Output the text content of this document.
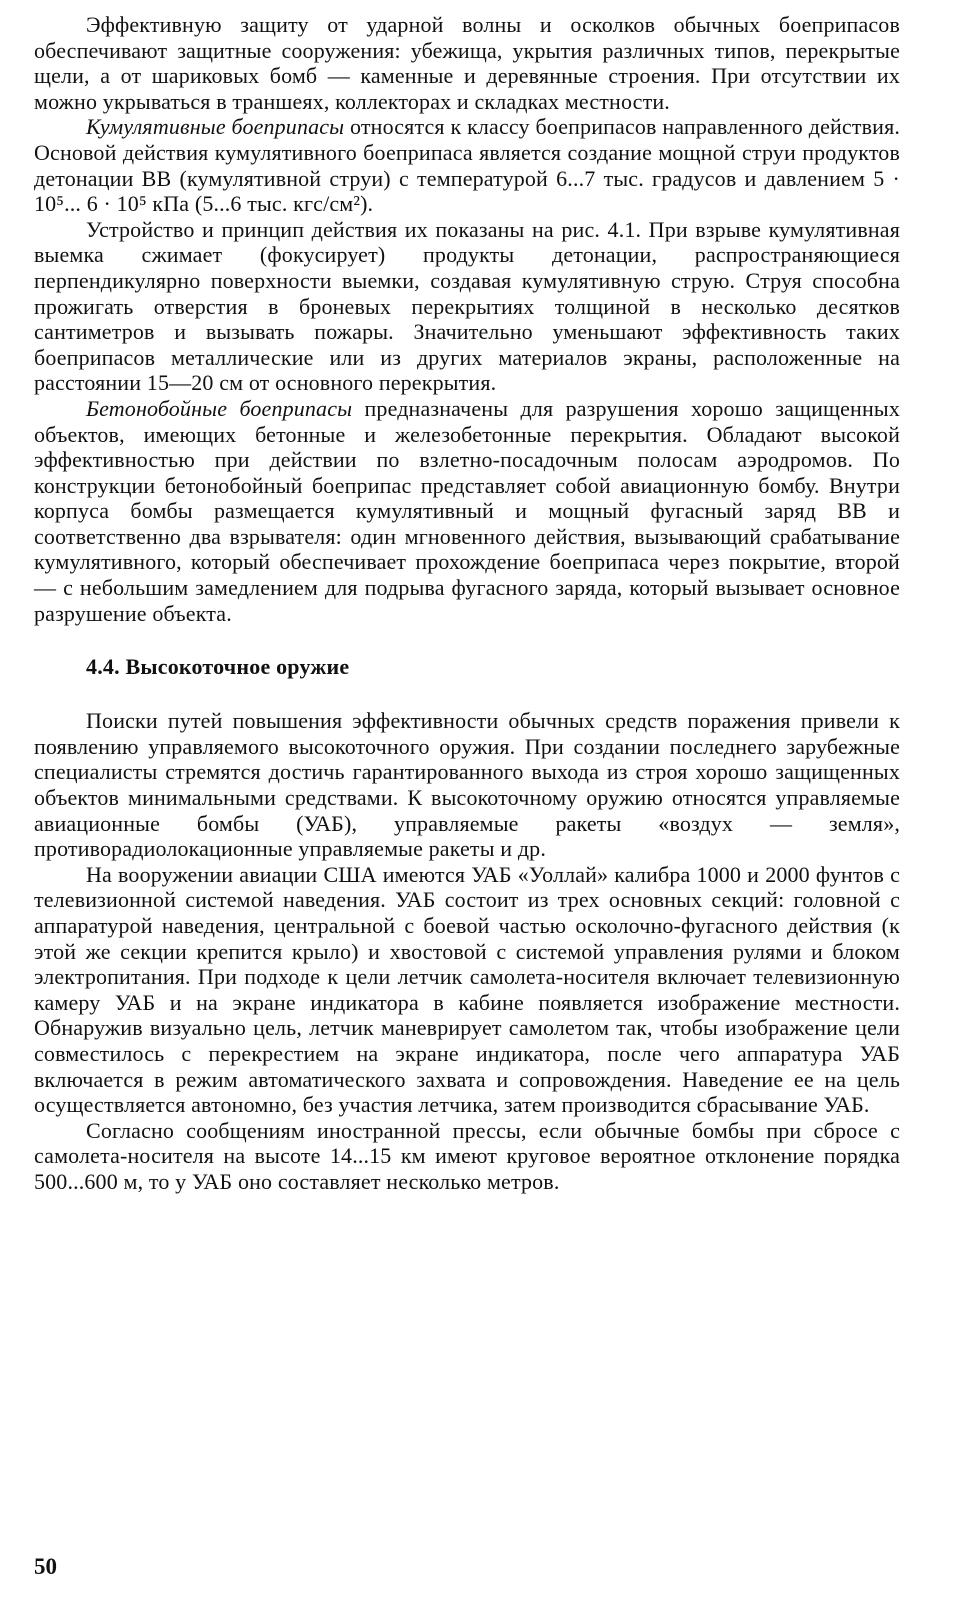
Эффективную защиту от ударной волны и осколков обычных боеприпасов обеспечивают защитные сооружения: убежища, укрытия различных типов, перекрытые щели, а от шариковых бомб — каменные и деревянные строения. При отсутствии их можно укрываться в траншеях, коллекторах и складках местности.

Кумулятивные боеприпасы относятся к классу боеприпасов направленного действия. Основой действия кумулятивного боеприпаса является создание мощной струи продуктов детонации ВВ (кумулятивной струи) с температурой 6...7 тыс. градусов и давлением 5 · 10⁵... 6 · 10⁵ кПа (5...6 тыс. кгс/см²).

Устройство и принцип действия их показаны на рис. 4.1. При взрыве кумулятивная выемка сжимает (фокусирует) продукты детонации, распространяющиеся перпендикулярно поверхности выемки, создавая кумулятивную струю. Струя способна прожигать отверстия в броневых перекрытиях толщиной в несколько десятков сантиметров и вызывать пожары. Значительно уменьшают эффективность таких боеприпасов металлические или из других материалов экраны, расположенные на расстоянии 15—20 см от основного перекрытия.

Бетонобойные боеприпасы предназначены для разрушения хорошо защищенных объектов, имеющих бетонные и железобетонные перекрытия. Обладают высокой эффективностью при действии по взлетно-посадочным полосам аэродромов. По конструкции бетонобойный боеприпас представляет собой авиационную бомбу. Внутри корпуса бомбы размещается кумулятивный и мощный фугасный заряд ВВ и соответственно два взрывателя: один мгновенного действия, вызывающий срабатывание кумулятивного, который обеспечивает прохождение боеприпаса через покрытие, второй — с небольшим замедлением для подрыва фугасного заряда, который вызывает основное разрушение объекта.

4.4. Высокоточное оружие

Поиски путей повышения эффективности обычных средств поражения привели к появлению управляемого высокоточного оружия. При создании последнего зарубежные специалисты стремятся достичь гарантированного выхода из строя хорошо защищенных объектов минимальными средствами. К высокоточному оружию относятся управляемые авиационные бомбы (УАБ), управляемые ракеты «воздух — земля», противорадиолокационные управляемые ракеты и др.

На вооружении авиации США имеются УАБ «Уоллай» калибра 1000 и 2000 фунтов с телевизионной системой наведения. УАБ состоит из трех основных секций: головной с аппаратурой наведения, центральной с боевой частью осколочно-фугасного действия (к этой же секции крепится крыло) и хвостовой с системой управления рулями и блоком электропитания. При подходе к цели летчик самолета-носителя включает телевизионную камеру УАБ и на экране индикатора в кабине появляется изображение местности. Обнаружив визуально цель, летчик маневрирует самолетом так, чтобы изображение цели совместилось с перекрестием на экране индикатора, после чего аппаратура УАБ включается в режим автоматического захвата и сопровождения. Наведение ее на цель осуществляется автономно, без участия летчика, затем производится сбрасывание УАБ.

Согласно сообщениям иностранной прессы, если обычные бомбы при сбросе с самолета-носителя на высоте 14...15 км имеют круговое вероятное отклонение порядка 500...600 м, то у УАБ оно составляет несколько метров.

50
